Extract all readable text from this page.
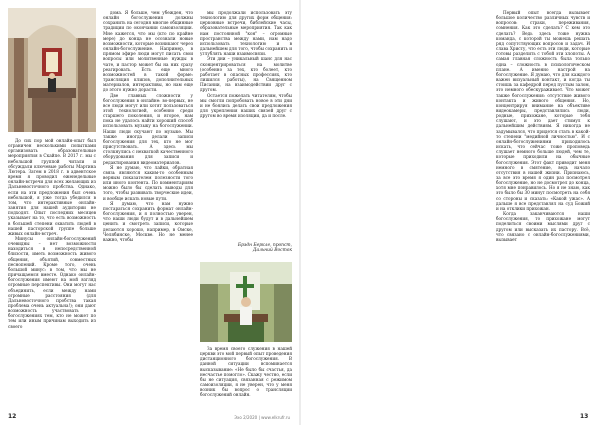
До сих пор мой онлайн-опыт был ограничен несколькими попытками организовать образовательные мероприятия в Скайпе. В 2017 г. мы с небольшой группой читали и обсуждали ключевые работы Мартина Лютера. Затем в 2018 г. в адвентское время я проводил еженедельные онлайн-встречи для всех желающих из Дальневосточного пробства. Однако, если на эти предложения был очень небольшой, я уже тогда убедился в том, что интерактивные онлайн-занятия для нашей аудитории не подходят. Опыт последних месяцев указывает на то, что есть возможность в большей степени охватить людей в нашей пасторской группе больше живых онлайн-встреч.

Минусы онлайн-богослужений очевидны – нет возможности находиться в непосредственной близости, иметь возможность живого общения, объятий, совместных песнопений. Кроме того, очень большой минус: в том, что мы не причащаемся вместе. Однако онлайн-богослужения имеют на мой взгляд огромные перспективы. Они могут нас объединить, если между нами огромные расстояния (для Дальневосточного пробства такая проблема очень актуальна!); они дают возможность участвовать в богослужениях тем, кто не может по тем или иным причинам выходить из своего

дома. Я больше, чем убежден, что онлайн богослужения должны сохранить на сегодня многие общинные традиции по окончании самоизоляции. Мне кажется, что мы (кто по крайне мере) до конца не осознали новые возможности, которые возникают через онлайн-богослужение. Например, в прямом эфире люди могут писать свои вопросы или молитвенные нужды в чате, и пастор может бы на них сразу реагировать. Есть еще много возможностей в такой форме: трансляция клипов, дополнительных материалов, интерактивы, но нам еще до этого нужно дорасти.

Две главных сложности у богослужения в онлайне: во-первых, не все люди могут или хотят пользоваться этой технологией, особенно среди старшего поколения, и второе, нам пока не удалось найти хороший способ использовать музыку на богослужении. Наши люди скучают по музыке. Мы также иногда делали записи богослужения для тех, кто не мог присутствовать. А здесь мы столкнулись с нехваткой качественного оборудования для записи и редактирования видеоматериалов.

Я не думаю, что лайки, обратная связь являются каким-то особенным верным показателем полезности того или иного контента. По комментариям можно было бы сделать выводы для того, чтобы развивать творческие идеи, и вообще искать новые пути.

Я думаю, что нам нужно постараться сохранить формат онлайн-богослужения, и я полностью уверен, что наши люди будут и в дальнейшем ценить и смотреть записи, которые делаются хорошо, например, в Омске, Челябинске, Москве. Но не менее важно, чтобы

мы продолжали использовать эту технологию для других форм общения: церковные встречи, библейские часы, образовательные мероприятия. Так как нам постоянной "кон" – огромные пространства между нами, нам надо использовать технологию и в дальнейшем для того, чтобы сохранить и углублять наши взаимосвязи.

Эти дни – уникальный шанс для нас сконцентрироваться на молитве (особенно за тех, кто болеет, кто работает в опасных профессиях, кто лишился работы), на Священном Писании, на взаимодействии друг с другом.

Остается пожелать читателям, чтобы мы смогли попробовать новое в эти дни и не боялись делать свои предложения для укрепления наших связей друг с другом во время изоляции, да и после.

Брэдн Беркле, пропст,
Дальний Восток

За время своего служения в нашей церкви это мой первый опыт проведения дистанционного богослужения. В данной ситуации вспоминается высказывание: «Не было бы счастья, да несчастье помогло». Скажу честно, если бы не ситуация, связанная с режимом самоизоляции, я не уверен, что у меня возник бы вопрос о трансляции богослужений онлайн.

12	Эхо 2/2020 | www.elkrufr.ru

Первый опыт всегда вызывает большое количество различных чувств и вопросов: страхи, переживания, сомнения. Как это сделать? С кем это сделать? Ведь здесь тоже нужна команда, с которой ты можешь решать ряд сопутствующих вопросов и задач. И слава Христу, что есть эти люди, которые готовы разделить с тобой эти хлопоты. А самая главная сложность была только одна – сложность в психологическом плане. А именно настрой на богослужение. Я думаю, что для каждого важен визуальный контакт, и когда ты стоишь за кафедрой перед пустым залом, это немного обескураживает. Что может также богослужения: отсутствие живого контакта и живого общения. Но, концентрируя внимание на объективе видеокамеры, представлялись люди, родные, прихожане, которые тебя слушают, и это дает стимул к дальнейшим действиям. Я никогда не задумывался, что придется стать в какой-то степени "медийной личностью". И с онлайн-богослужениями приходилось искать, что сейчас тоже проповедь слушает немного больше людей, чем те, которые приходили на обычные богослужения. Этот факт приводит меня немного в смятение, ведь начало отсутствия в нашей жизни. Признаюсь, за все это время я один раз посмотрел богослужение, но не досмотрел до конца, хотя мне понравилось. Но я не знаю, как это было бы 30 минут посмотреть на себя со стороны и сказать: «Какой ужас». А дальше я все представлял на суд Божий и на отклики прихожан.

Когда заканчиваются наши богослужения, то прихожане могут поделиться своими мыслями друг с другом или высказать их пастору. Всё, что связано с онлайн-богослужениями, вызывает

13
